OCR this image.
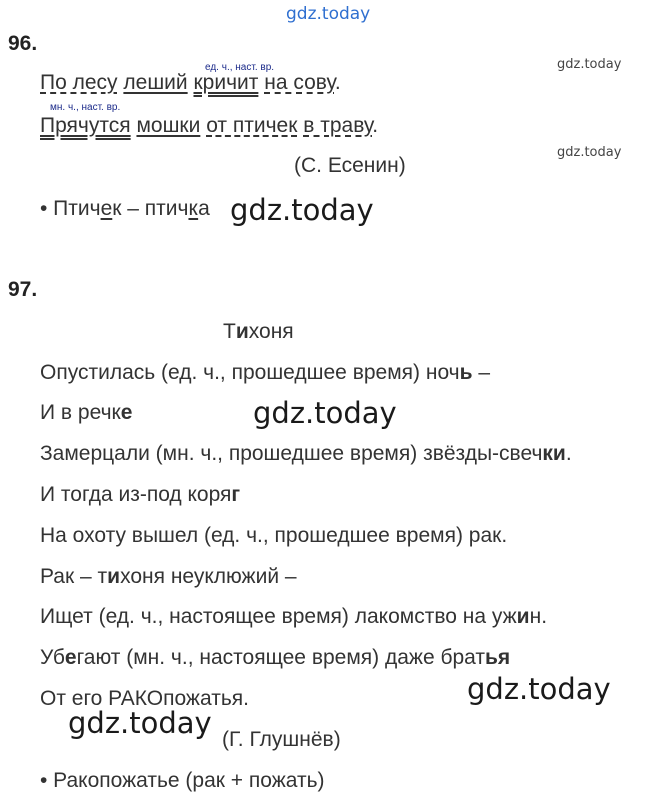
gdz.today
gdz.today
gdz.today
96.
ед. ч., наст. вр.
По лесу леший кричит на сову.
мн. ч., наст. вр.
Прячутся мошки от птичек в траву.
(С. Есенин)
• Птичек – птичка gdz.today
97.
Тихоня
Опустилась (ед. ч., прошедшее время) ночь –
И в речке	gdz.today
Замерцали (мн. ч., прошедшее время) звёзды-свечки.
И тогда из-под коряг
На охоту вышел (ед. ч., прошедшее время) рак.
Рак – тихоня неуклюжий –
Ищет (ед. ч., настоящее время) лакомство на ужин.
Убегают (мн. ч., настоящее время) даже братья
От его РАКОпожатья.	gdz.today
gdz.today (Г. Глушнёв)
• Ракопожатье (рак + пожать)
